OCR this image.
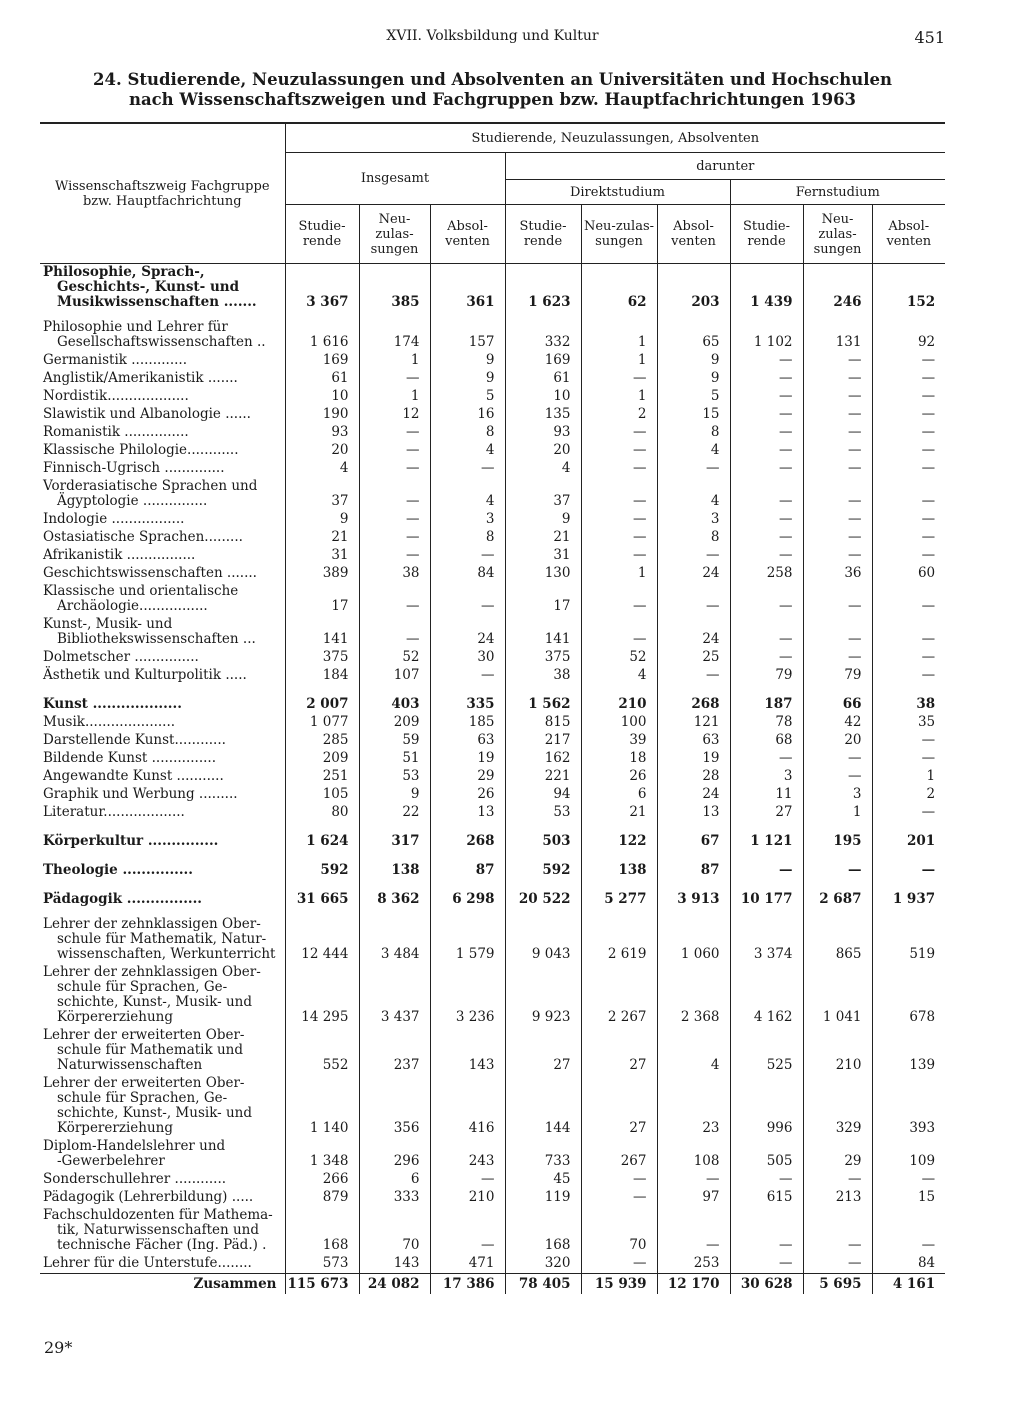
XVII. Volksbildung und Kultur	451
24. Studierende, Neuzulassungen und Absolventen an Universitäten und Hochschulen
nach Wissenschaftszweigen und Fachgruppen bzw. Hauptfachrichtungen 1963
Wissenschaftszweig Fachgruppe bzw. Hauptfachrichtung	Studierende, Neuzulassungen, Absolventen								
	Insgesamt			darunter					
				Direktstudium			Fernstudium		
	Studie-rende	Neu-zulas-sungen	Absol-venten	Studie-rende	Neu-zulas-sungen	Absol-venten	Studie-rende	Neu-zulas-sungen	Absol-venten

Philosophie, Sprach-,
Geschichts-, Kunst- und
Musikwissenschaften .......	3 367	385	361	1 623	62	203	1 439	246	152

Philosophie und Lehrer für
Gesellschaftswissenschaften ..	1 616	174	157	332	1	65	1 102	131	92

Germanistik .............	169	1	9	169	1	9	—	—	—

Anglistik/Amerikanistik .......	61	—	9	61	—	9	—	—	—

Nordistik...................	10	1	5	10	1	5	—	—	—

Slawistik und Albanologie ......	190	12	16	135	2	15	—	—	—

Romanistik ...............	93	—	8	93	—	8	—	—	—

Klassische Philologie............	20	—	4	20	—	4	—	—	—

Finnisch-Ugrisch ..............	4	—	—	4	—	—	—	—	—

Vorderasiatische Sprachen und
Ägyptologie ...............	37	—	4	37	—	4	—	—	—

Indologie .................	9	—	3	9	—	3	—	—	—

Ostasiatische Sprachen.........	21	—	8	21	—	8	—	—	—

Afrikanistik ................	31	—	—	31	—	—	—	—	—

Geschichtswissenschaften .......	389	38	84	130	1	24	258	36	60

Klassische und orientalische
Archäologie................	17	—	—	17	—	—	—	—	—

Kunst-, Musik- und
Bibliothekswissenschaften ...	141	—	24	141	—	24	—	—	—

Dolmetscher ...............	375	52	30	375	52	25	—	—	—

Ästhetik und Kulturpolitik .....	184	107	—	38	4	—	79	79	—

Kunst ...................	2 007	403	335	1 562	210	268	187	66	38

Musik.....................	1 077	209	185	815	100	121	78	42	35

Darstellende Kunst............	285	59	63	217	39	63	68	20	—

Bildende Kunst ...............	209	51	19	162	18	19	—	—	—

Angewandte Kunst ...........	251	53	29	221	26	28	3	—	1

Graphik und Werbung .........	105	9	26	94	6	24	11	3	2

Literatur...................	80	22	13	53	21	13	27	1	—

Körperkultur ...............	1 624	317	268	503	122	67	1 121	195	201

Theologie ...............	592	138	87	592	138	87	—	—	—

Pädagogik ................	31 665	8 362	6 298	20 522	5 277	3 913	10 177	2 687	1 937

Lehrer der zehnklassigen Ober-
schule für Mathematik, Natur-
wissenschaften, Werkunterricht	12 444	3 484	1 579	9 043	2 619	1 060	3 374	865	519

Lehrer der zehnklassigen Ober-
schule für Sprachen, Ge-
schichte, Kunst-, Musik- und
Körpererziehung	14 295	3 437	3 236	9 923	2 267	2 368	4 162	1 041	678

Lehrer der erweiterten Ober-
schule für Mathematik und
Naturwissenschaften	552	237	143	27	27	4	525	210	139

Lehrer der erweiterten Ober-
schule für Sprachen, Ge-
schichte, Kunst-, Musik- und
Körpererziehung	1 140	356	416	144	27	23	996	329	393

Diplom-Handelslehrer und
-Gewerbelehrer	1 348	296	243	733	267	108	505	29	109

Sonderschullehrer ............	266	6	—	45	—	—	—	—	—

Pädagogik (Lehrerbildung) .....	879	333	210	119	—	97	615	213	15

Fachschuldozenten für Mathema-
tik, Naturwissenschaften und
technische Fächer (Ing. Päd.) .	168	70	—	168	70	—	—	—	—

Lehrer für die Unterstufe........	573	143	471	320	—	253	—	—	84
Zusammen	115 673	24 082	17 386	78 405	15 939	12 170	30 628	5 695	4 161
29*
